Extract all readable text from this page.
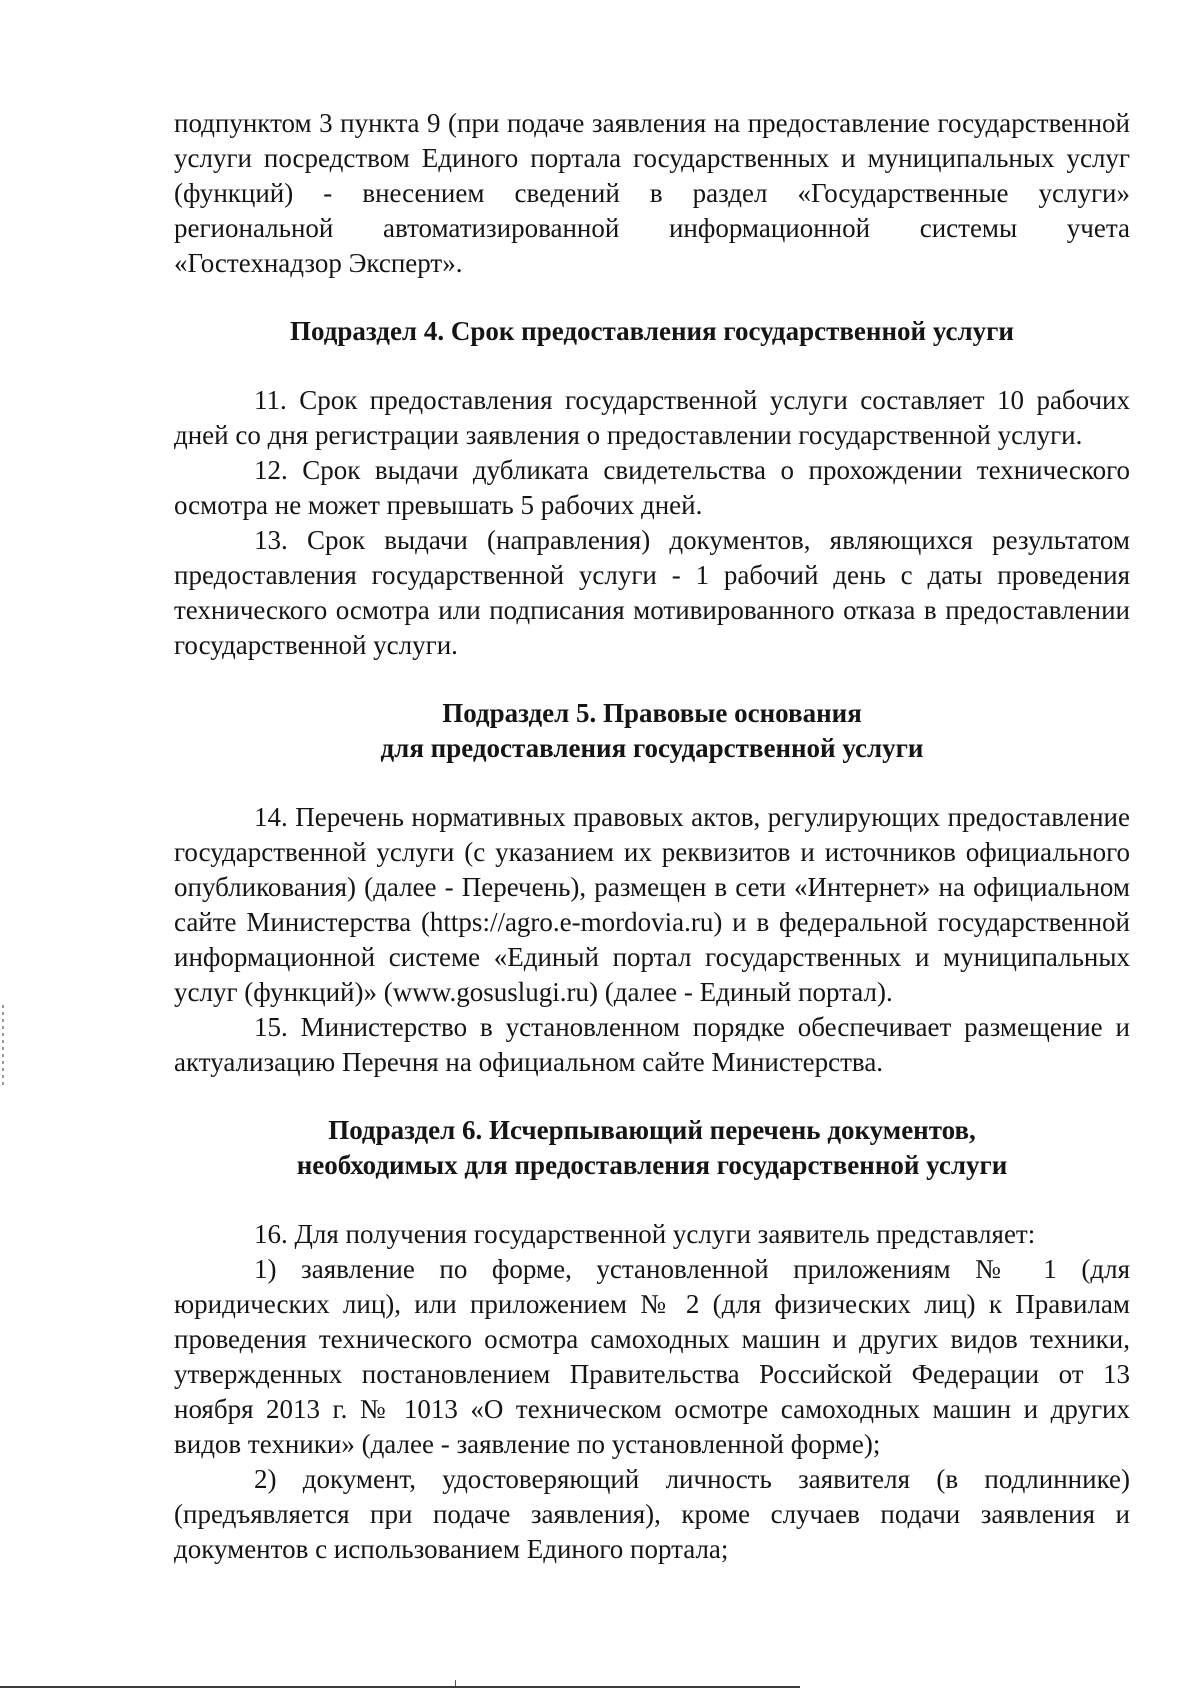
подпунктом 3 пункта 9 (при подаче заявления на предоставление государственной услуги посредством Единого портала государственных и муниципальных услуг (функций) - внесением сведений в раздел «Государственные услуги» региональной автоматизированной информационной системы учета «Гостехнадзор Эксперт».

Подраздел 4. Срок предоставления государственной услуги

11. Срок предоставления государственной услуги составляет 10 рабочих дней со дня регистрации заявления о предоставлении государственной услуги.

12. Срок выдачи дубликата свидетельства о прохождении технического осмотра не может превышать 5 рабочих дней.

13. Срок выдачи (направления) документов, являющихся результатом предоставления государственной услуги - 1 рабочий день с даты проведения технического осмотра или подписания мотивированного отказа в предоставлении государственной услуги.

Подраздел 5. Правовые основания
для предоставления государственной услуги

14. Перечень нормативных правовых актов, регулирующих предоставление государственной услуги (с указанием их реквизитов и источников официального опубликования) (далее - Перечень), размещен в сети «Интернет» на официальном сайте Министерства (https://agro.e-mordovia.ru) и в федеральной государственной информационной системе «Единый портал государственных и муниципальных услуг (функций)» (www.gosuslugi.ru) (далее - Единый портал).

15. Министерство в установленном порядке обеспечивает размещение и актуализацию Перечня на официальном сайте Министерства.

Подраздел 6. Исчерпывающий перечень документов,
необходимых для предоставления государственной услуги

16. Для получения государственной услуги заявитель представляет:

1) заявление по форме, установленной приложениям № 1 (для юридических лиц), или приложением № 2 (для физических лиц) к Правилам проведения технического осмотра самоходных машин и других видов техники, утвержденных постановлением Правительства Российской Федерации от 13 ноября 2013 г. № 1013 «О техническом осмотре самоходных машин и других видов техники» (далее - заявление по установленной форме);

2) документ, удостоверяющий личность заявителя (в подлиннике) (предъявляется при подаче заявления), кроме случаев подачи заявления и документов с использованием Единого портала;
